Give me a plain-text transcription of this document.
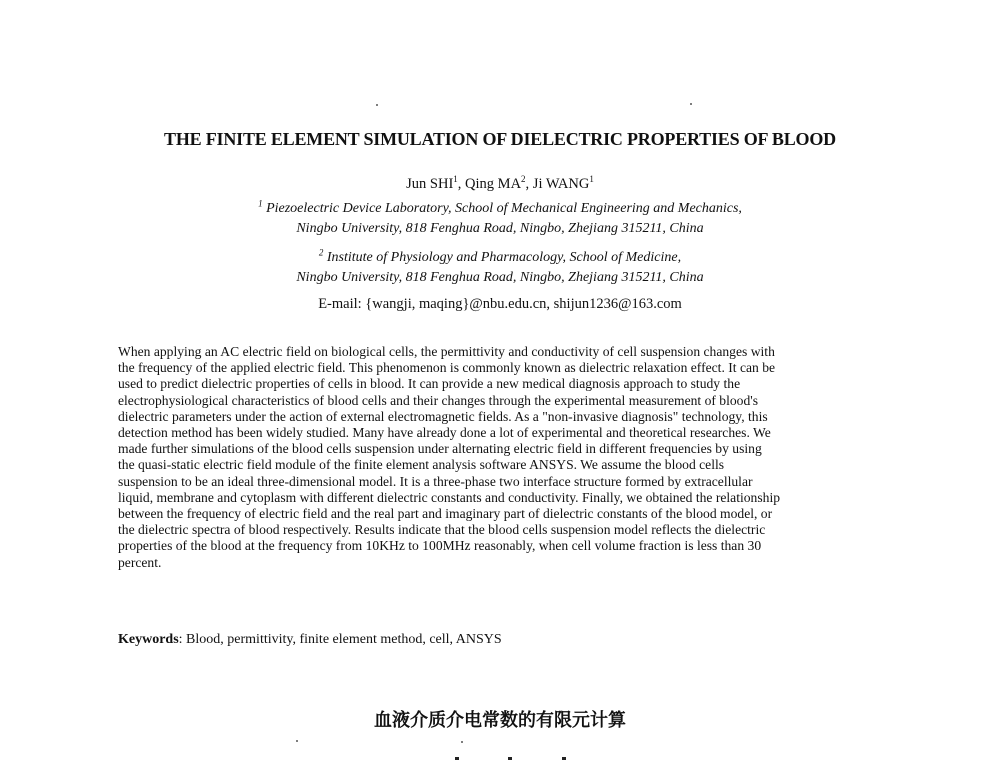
THE FINITE ELEMENT SIMULATION OF DIELECTRIC PROPERTIES OF BLOOD
Jun SHI$^1$, Qing $MA^2$, Ji WANG$^1$
$^1$ Piezoelectric Device Laboratory, School of Mechanical Engineering and Mechanics,
Ningbo University, 818 Fenghua Road, Ningbo, Zhejiang 315211, China
$^2$ Institute of Physiology and Pharmacology, School of Medicine,
Ningbo University, 818 Fenghua Road, Ningbo, Zhejiang 315211, China
E-mail: {wangji, maqing}@nbu.edu.cn, shijun1236@163.com
When applying an AC electric field on biological cells, the permittivity and conductivity of cell suspension changes with
the frequency of the applied electric field. This phenomenon is commonly known as dielectric relaxation effect. It can be
used to predict dielectric properties of cells in blood. It can provide a new medical diagnosis approach to study the
electrophysiological characteristics of blood cells and their changes through the experimental measurement of blood's
dielectric parameters under the action of external electromagnetic fields. As a "non-invasive diagnosis" technology, this
detection method has been widely studied. Many have already done a lot of experimental and theoretical researches. We
made further simulations of the blood cells suspension under alternating electric field in different frequencies by using
the quasi-static electric field module of the finite element analysis software ANSYS. We assume the blood cells
suspension to be an ideal three-dimensional model. It is a three-phase two interface structure formed by extracellular
liquid, membrane and cytoplasm with different dielectric constants and conductivity. Finally, we obtained the relationship
between the frequency of electric field and the real part and imaginary part of dielectric constants of the blood model, or
the dielectric spectra of blood respectively. Results indicate that the blood cells suspension model reflects the dielectric
properties of the blood at the frequency from 10KHz to 100MHz reasonably, when cell volume fraction is less than 30
percent.
Keywords: Blood, permittivity, finite element method, cell, ANSYS
血液介质介电常数的有限元计算
